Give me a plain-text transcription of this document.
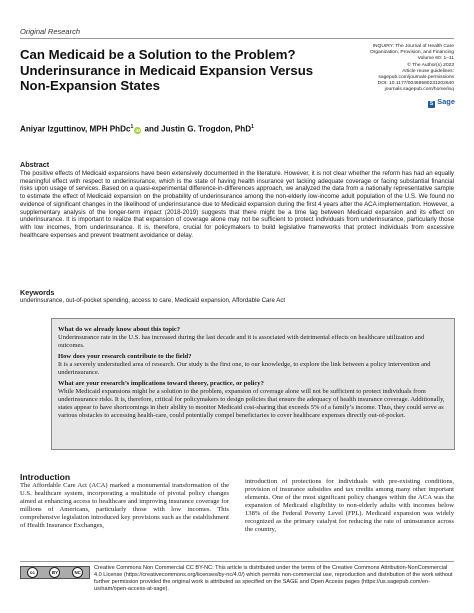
Original Research
Can Medicaid be a Solution to the Problem? Underinsurance in Medicaid Expansion Versus Non-Expansion States
INQUIRY: The Journal of Health Care
Organization, Provision, and Financing
Volume 60: 1–11
© The Author(s) 2023
Article reuse guidelines:
sagepub.com/journals-permissions
DOI: 10.1177/00469580231202640
journals.sagepub.com/home/inq
S Sage
Aniyar Izguttinov, MPH PhDc$^1$iD and Justin G. Trogdon, PhD$^1$
Abstract
The positive effects of Medicaid expansions have been extensively documented in the literature. However, it is not clear whether the reform has had an equally meaningful effect with respect to underinsurance, which is the state of having health insurance yet lacking adequate coverage or facing substantial financial risks upon usage of services. Based on a quasi-experimental difference-in-differences approach, we analyzed the data from a nationally representative sample to estimate the effect of Medicaid expansion on the probability of underinsurance among the non-elderly low-income adult population of the U.S. We found no evidence of significant changes in the likelihood of underinsurance due to Medicaid expansion during the first 4 years after the ACA implementation. However, a supplementary analysis of the longer-term impact (2018-2019) suggests that there might be a time lag between Medicaid expansion and its effect on underinsurance. It is important to realize that expansion of coverage alone may not be sufficient to protect individuals from underinsurance, particularly those with low incomes, from underinsurance. It is, therefore, crucial for policymakers to build legislative frameworks that protect individuals from excessive healthcare expenses and prevent treatment avoidance or delay.
Keywords
underinsurance, out-of-pocket spending, access to care, Medicaid expansion, Affordable Care Act
What do we already know about this topic?
Underinsurance rate in the U.S. has increased during the last decade and it is associated with detrimental effects on healthcare utilization and outcomes.
How does your research contribute to the field?
It is a severely understudied area of research. Our study is the first one, to our knowledge, to explore the link between a policy intervention and underinsurance.
What are your research’s implications toward theory, practice, or policy?
While Medicaid expansions might be a solution to the problem, expansion of coverage alone will not be sufficient to protect individuals from underinsurance risks. It is, therefore, critical for policymakers to design policies that ensure the adequacy of health insurance coverage. Additionally, states appear to have shortcomings in their ability to monitor Medicaid cost-sharing that exceeds 5% of a family’s income. Thus, they could serve as various obstacles to accessing health-care, could potentially compel beneficiaries to cover healthcare expenses directly out-of-pocket.
Introduction
The Affordable Care Act (ACA) marked a monumental transformation of the U.S. healthcare system, incorporating a multitude of pivotal policy changes aimed at enhancing access to healthcare and improving insurance coverage for millions of Americans, particularly those with low incomes. This comprehensive legislation introduced key provisions such as the establishment of Health Insurance Exchanges,
introduction of protections for individuals with pre-existing conditions, provision of insurance subsidies and tax credits among many other important elements. One of the most significant policy changes within the ACA was the expansion of Medicaid eligibility to non-elderly adults with incomes below 138% of the Federal Poverty Level (FPL). Medicaid expansion was widely recognized as the primary catalyst for reducing the rate of uninsurance across the country,
cc	BY	NC
Creative Commons Non Commercial CC BY-NC: This article is distributed under the terms of the Creative Commons Attribution-NonCommercial 4.0 License (https://creativecommons.org/licenses/by-nc/4.0/) which permits non-commercial use, reproduction and distribution of the work without further permission provided the original work is attributed as specified on the SAGE and Open Access pages (https://us.sagepub.com/en-us/nam/open-access-at-sage).
